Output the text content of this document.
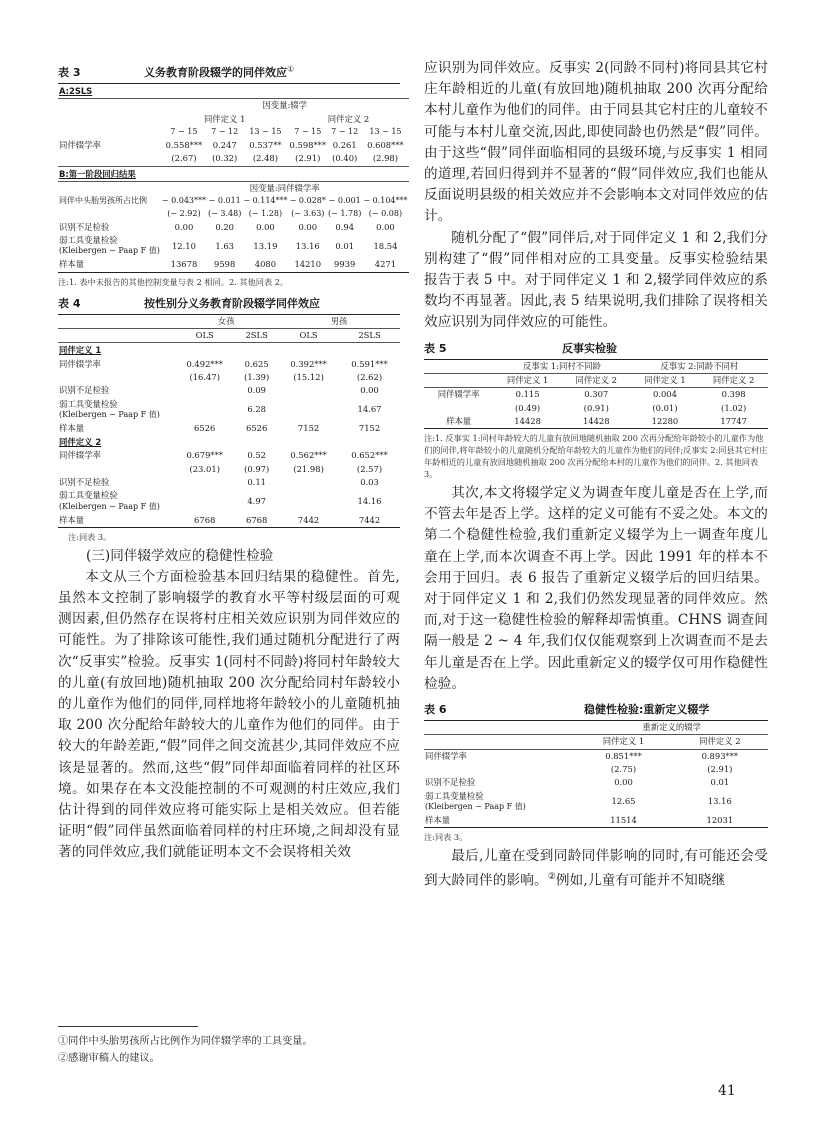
表 3	义务教育阶段辍学的同伴效应①
A:2SLS						
	因变量:辍学					
	同伴定义 1			同伴定义 2		
	7 − 15	7 − 12	13 − 15	7 − 15	7 − 12	13 − 15
同伴辍学率	0.558***	0.247	0.537**	0.598***	0.261	0.608***
	(2.67)	(0.32)	(2.48)	(2.91)	(0.40)	(2.98)
B:第一阶段回归结果						
	因变量:同伴辍学率					
同伴中头胎男孩所占比例	− 0.043***	− 0.011	− 0.114***	− 0.028*	− 0.001	− 0.104***
	(− 2.92)	(− 3.48)	(− 1.28)	(− 3.63)	(− 1.78)	(− 0.08)
识别不足检验	0.00	0.20	0.00	0.00	0.94	0.00

弱工具变量检验
(Kleibergen − Paap F 值)	12.10	1.63	13.19	13.16	0.01	18.54
样本量	13678	9598	4080	14210	9939	4271
注:1. 表中未报告的其他控制变量与表 2 相同。2. 其他同表 2。
表 4	按性别分义务教育阶段辍学同伴效应
	女孩		男孩	
	OLS	2SLS	OLS	2SLS
同伴定义 1				
同伴辍学率	0.492***	0.625	0.392***	0.591***
	(16.47)	(1.39)	(15.12)	(2.62)
识别不足检验		0.09		0.00

弱工具变量检验
(Kleibergen − Paap F 值)		6.28		14.67
样本量	6526	6526	7152	7152
同伴定义 2				
同伴辍学率	0.679***	0.52	0.562***	0.652***
	(23.01)	(0.97)	(21.98)	(2.57)
识别不足检验		0.11		0.03

弱工具变量检验
(Kleibergen − Paap F 值)		4.97		14.16
样本量	6768	6768	7442	7442
注:同表 3。
(三)同伴辍学效应的稳健性检验

本文从三个方面检验基本回归结果的稳健性。首先,虽然本文控制了影响辍学的教育水平等村级层面的可观测因素,但仍然存在误将村庄相关效应识别为同伴效应的可能性。为了排除该可能性,我们通过随机分配进行了两次“反事实”检验。反事实 1(同村不同龄)将同村年龄较大的儿童(有放回地)随机抽取 200 次分配给同村年龄较小的儿童作为他们的同伴,同样地将年龄较小的儿童随机抽取 200 次分配给年龄较大的儿童作为他们的同伴。由于较大的年龄差距,“假”同伴之间交流甚少,其同伴效应不应该是显著的。然而,这些“假”同伴却面临着同样的社区环境。如果存在本文没能控制的不可观测的村庄效应,我们估计得到的同伴效应将可能实际上是相关效应。但若能证明“假”同伴虽然面临着同样的村庄环境,之间却没有显著的同伴效应,我们就能证明本文不会误将相关效

应识别为同伴效应。反事实 2(同龄不同村)将同县其它村庄年龄相近的儿童(有放回地)随机抽取 200 次再分配给本村儿童作为他们的同伴。由于同县其它村庄的儿童较不可能与本村儿童交流,因此,即使同龄也仍然是“假”同伴。由于这些“假”同伴面临相同的县级环境,与反事实 1 相同的道理,若回归得到并不显著的“假”同伴效应,我们也能从反面说明县级的相关效应并不会影响本文对同伴效应的估计。

随机分配了“假”同伴后,对于同伴定义 1 和 2,我们分别构建了“假”同伴相对应的工具变量。反事实检验结果报告于表 5 中。对于同伴定义 1 和 2,辍学同伴效应的系数均不再显著。因此,表 5 结果说明,我们排除了误将相关效应识别为同伴效应的可能性。

表 5	反事实检验
	反事实 1:同村不同龄		反事实 2:同龄不同村	
	同伴定义 1	同伴定义 2	同伴定义 1	同伴定义 2
同伴辍学率	0.115	0.307	0.004	0.398
	(0.49)	(0.91)	(0.01)	(1.02)
样本量	14428	14428	12280	17747
注:1. 反事实 1:同村年龄较大的儿童有放回地随机抽取 200 次再分配给年龄较小的儿童作为他们的同伴,将年龄较小的儿童随机分配给年龄较大的儿童作为他们的同伴;反事实 2:同县其它村庄年龄相近的儿童有放回地随机抽取 200 次再分配给本村的儿童作为他们的同伴。2. 其他同表 3。

其次,本文将辍学定义为调查年度儿童是否在上学,而不管去年是否上学。这样的定义可能有不妥之处。本文的第二个稳健性检验,我们重新定义辍学为上一调查年度儿童在上学,而本次调查不再上学。因此 1991 年的样本不会用于回归。表 6 报告了重新定义辍学后的回归结果。对于同伴定义 1 和 2,我们仍然发现显著的同伴效应。然而,对于这一稳健性检验的解释却需慎重。CHNS 调查间隔一般是 2 ~ 4 年,我们仅仅能观察到上次调查而不是去年儿童是否在上学。因此重新定义的辍学仅可用作稳健性检验。

表 6	稳健性检验:重新定义辍学
	重新定义的辍学	
	同伴定义 1	同伴定义 2
同伴辍学率	0.851***	0.893***
	(2.75)	(2.91)
识别不足检验	0.00	0.01

弱工具变量检验
(Kleibergen − Paap F 值)	12.65	13.16
样本量	11514	12031
注:同表 3。

最后,儿童在受到同龄同伴影响的同时,有可能还会受到大龄同伴的影响。②例如,儿童有可能并不知晓继

①同伴中头胎男孩所占比例作为同伴辍学率的工具变量。
②感谢审稿人的建议。
41
